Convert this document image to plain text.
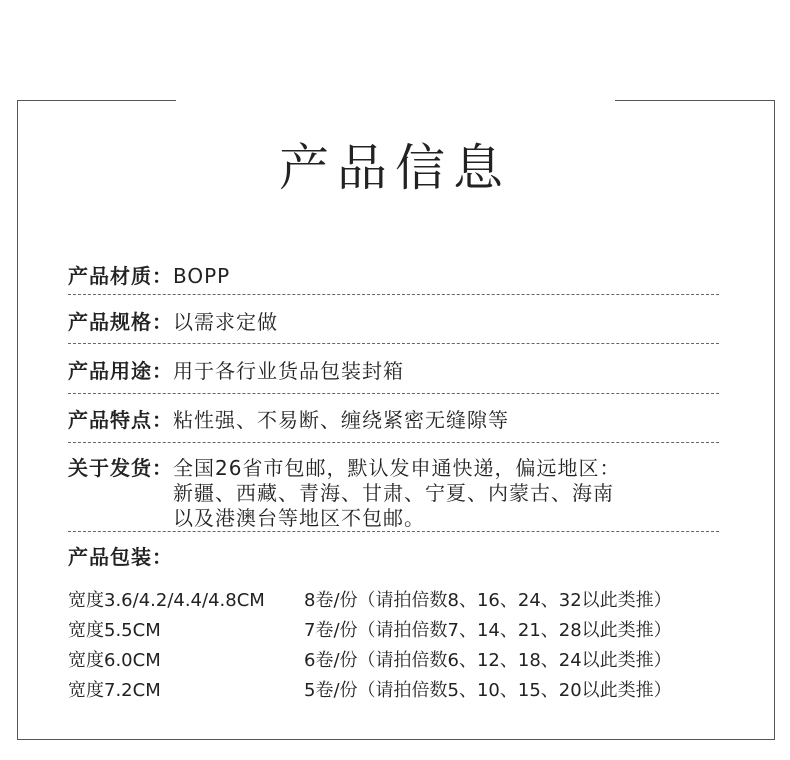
产品信息
产品材质： BOPP
产品规格： 以需求定做
产品用途： 用于各行业货品包装封箱
产品特点： 粘性强、不易断、缠绕紧密无缝隙等
关于发货： 全国26省市包邮，默认发申通快递，偏远地区：
新疆、西藏、青海、甘肃、宁夏、内蒙古、海南
以及港澳台等地区不包邮。
产品包装：
宽度3.6/4.2/4.4/4.8CM 8卷/份（请拍倍数8、16、24、32以此类推）
宽度5.5CM	7卷/份（请拍倍数7、14、21、28以此类推）
宽度6.0CM	6卷/份（请拍倍数6、12、18、24以此类推）
宽度7.2CM	5卷/份（请拍倍数5、10、15、20以此类推）
